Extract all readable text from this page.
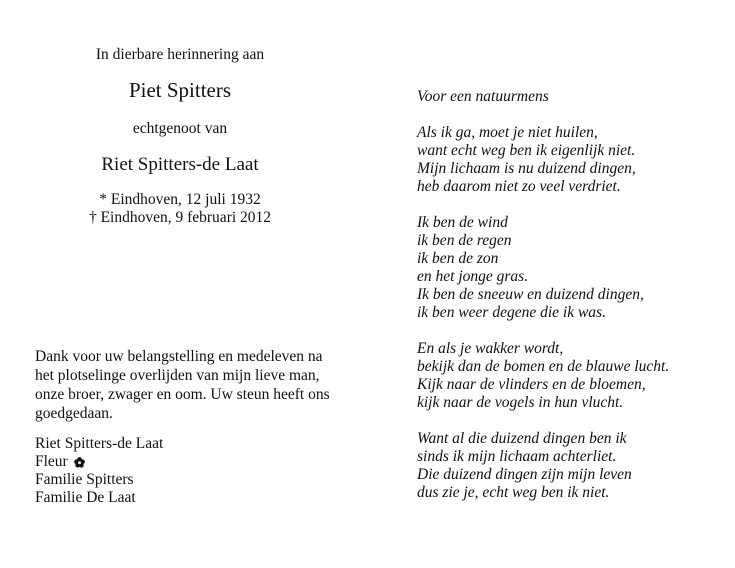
In dierbare herinnering aan
Piet Spitters
echtgenoot van
Riet Spitters-de Laat
* Eindhoven, 12 juli 1932
† Eindhoven, 9 februari 2012
Dank voor uw belangstelling en medeleven na het plotselinge overlijden van mijn lieve man, onze broer, zwager en oom. Uw steun heeft ons goedgedaan.
Riet Spitters-de Laat
Fleur
Familie Spitters
Familie De Laat
Voor een natuurmens
Als ik ga, moet je niet huilen,
want echt weg ben ik eigenlijk niet.
Mijn lichaam is nu duizend dingen,
heb daarom niet zo veel verdriet.
Ik ben de wind
ik ben de regen
ik ben de zon
en het jonge gras.
Ik ben de sneeuw en duizend dingen,
ik ben weer degene die ik was.
En als je wakker wordt,
bekijk dan de bomen en de blauwe lucht.
Kijk naar de vlinders en de bloemen,
kijk naar de vogels in hun vlucht.
Want al die duizend dingen ben ik
sinds ik mijn lichaam achterliet.
Die duizend dingen zijn mijn leven
dus zie je, echt weg ben ik niet.
